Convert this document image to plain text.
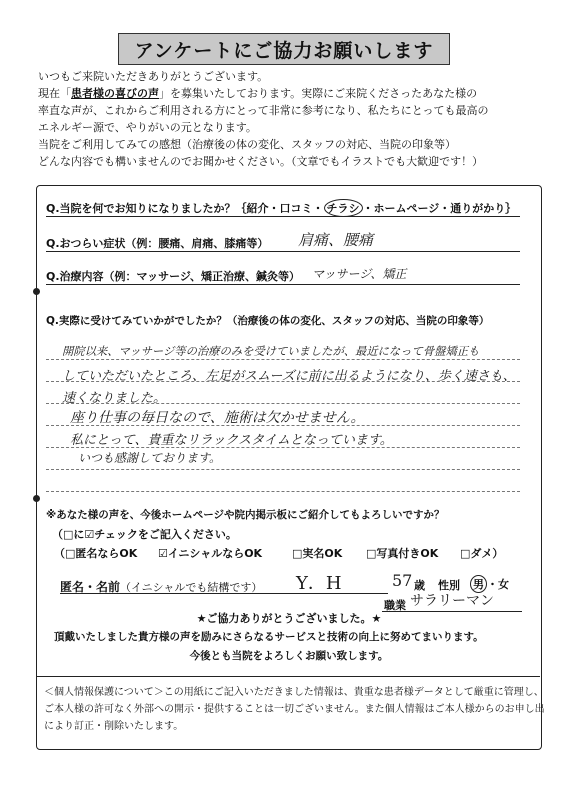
アンケートにご協力お願いします

いつもご来院いただきありがとうございます。

現在「患者様の喜びの声」を募集いたしております。実際にご来院くださったあなた様の

率直な声が、これからご利用される方にとって非常に参考になり、私たちにとっても最高の

エネルギー源で、やりがいの元となります。

当院をご利用してみての感想（治療後の体の変化、スタッフの対応、当院の印象等）

どんな内容でも構いませんのでお聞かせください。（文章でもイラストでも大歓迎です！）

Q.当院を何でお知りになりましたか？｛紹介・口コミ・ チラシ ・ホームページ・通りがかり｝
Q.おつらい症状（例：腰痛、肩痛、膝痛等） 肩痛、腰痛
Q.治療内容（例：マッサージ、矯正治療、鍼灸等） マッサージ、矯正
Q.実際に受けてみていかがでしたか？（治療後の体の変化、スタッフの対応、当院の印象等）
開院以来、マッサージ等の治療のみを受けていましたが、最近になって骨盤矯正も
していただいたところ、左足がスムーズに前に出るようになり、歩く速さも、
速くなりました。
座り仕事の毎日なので、施術は欠かせません。
私にとって、貴重なリラックスタイムとなっています。
いつも感謝しております。
※あなた様の声を、今後ホームページや院内掲示板にご紹介してもよろしいですか？
（□に☑チェックをご記入ください。
（□匿名ならOK ☑イニシャルならOK	□実名OK □写真付きOK □ダメ）
匿名・名前（イニシャルでも結構です） Y．H	57 歳 性別 男 ・女
職業 サラリーマン
★ご協力ありがとうございました。★
頂戴いたしました貴方様の声を励みにさらなるサービスと技術の向上に努めてまいります。
今後とも当院をよろしくお願い致します。

＜個人情報保護について＞この用紙にご記入いただきました情報は、貴重な患者様データとして厳重に管理し、

ご本人様の許可なく外部への開示・提供することは一切ございません。また個人情報はご本人様からのお申し出

により訂正・削除いたします。
